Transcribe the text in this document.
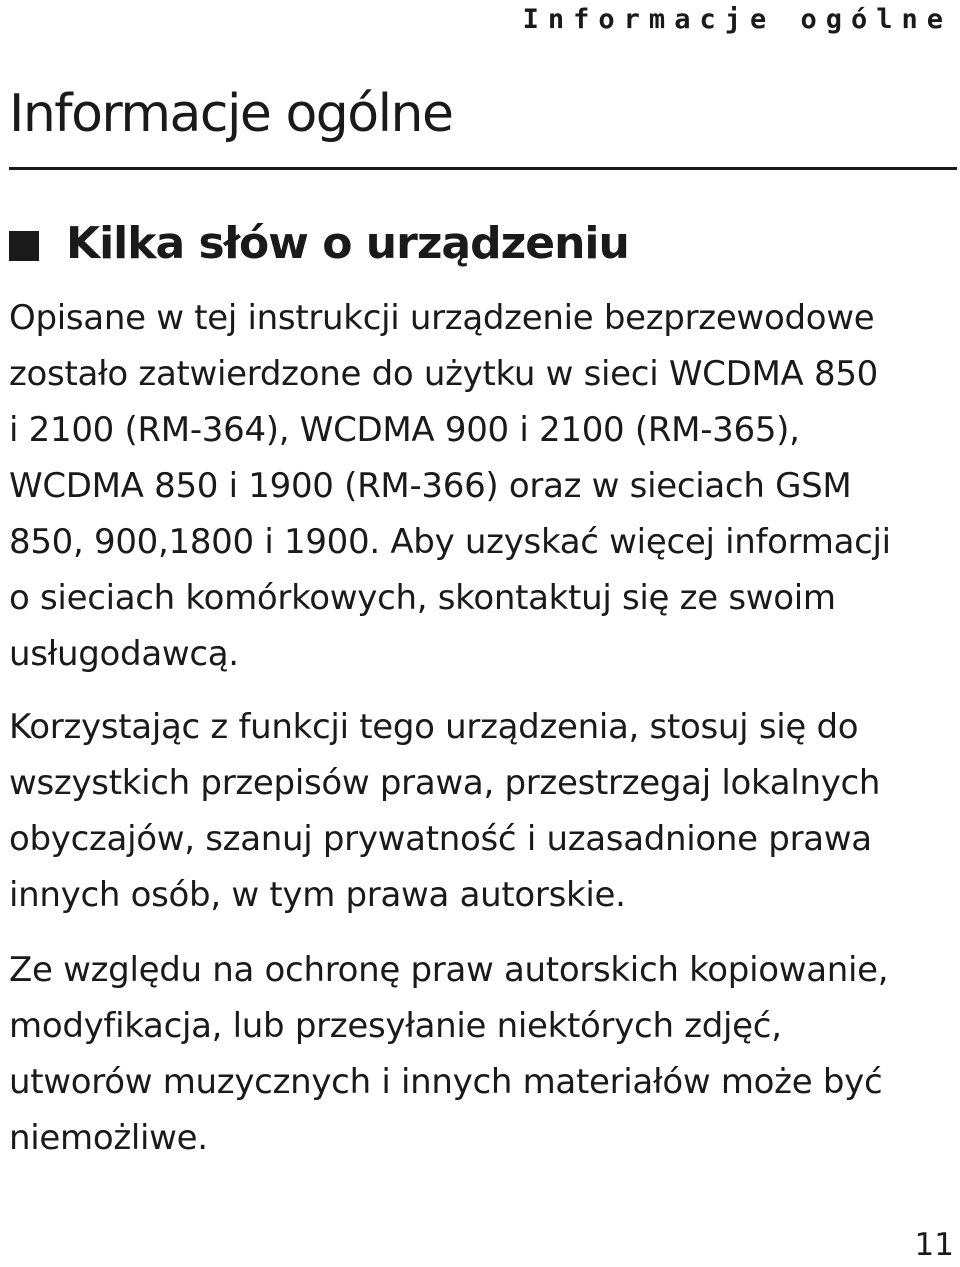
Informacje ogólne
Informacje ogólne
Kilka słów o urządzeniu

Opisane w tej instrukcji urządzenie bezprzewodowe
zostało zatwierdzone do użytku w sieci WCDMA 850
i 2100 (RM-364), WCDMA 900 i 2100 (RM-365),
WCDMA 850 i 1900 (RM-366) oraz w sieciach GSM
850, 900,1800 i 1900. Aby uzyskać więcej informacji
o sieciach komórkowych, skontaktuj się ze swoim
usługodawcą.

Korzystając z funkcji tego urządzenia, stosuj się do
wszystkich przepisów prawa, przestrzegaj lokalnych
obyczajów, szanuj prywatność i uzasadnione prawa
innych osób, w tym prawa autorskie.

Ze względu na ochronę praw autorskich kopiowanie,
modyfikacja, lub przesyłanie niektórych zdjęć,
utworów muzycznych i innych materiałów może być
niemożliwe.

11
